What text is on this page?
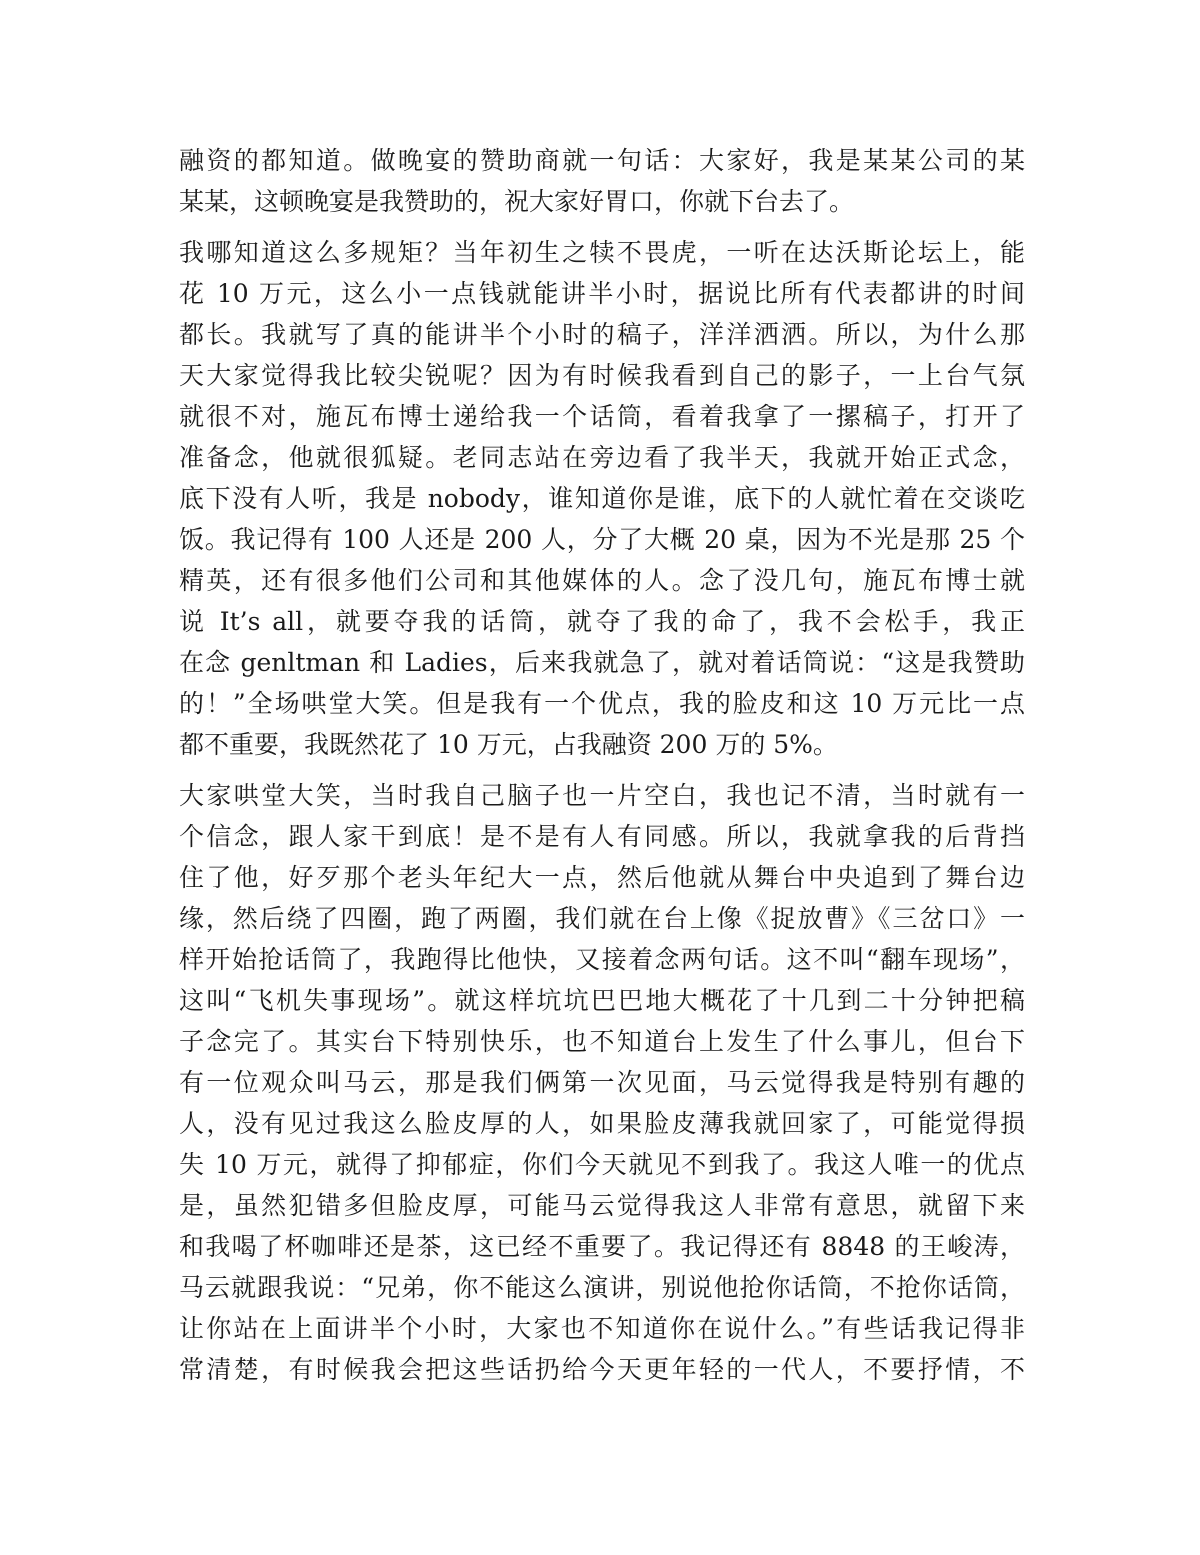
融资的都知道。做晚宴的赞助商就一句话：大家好，我是某某公司的某
某某，这顿晚宴是我赞助的，祝大家好胃口，你就下台去了。
我哪知道这么多规矩？当年初生之犊不畏虎，一听在达沃斯论坛上，能
花 10 万元，这么小一点钱就能讲半小时，据说比所有代表都讲的时间
都长。我就写了真的能讲半个小时的稿子，洋洋洒洒。所以，为什么那
天大家觉得我比较尖锐呢？因为有时候我看到自己的影子，一上台气氛
就很不对，施瓦布博士递给我一个话筒，看着我拿了一摞稿子，打开了
准备念，他就很狐疑。老同志站在旁边看了我半天，我就开始正式念，
底下没有人听，我是 nobody，谁知道你是谁，底下的人就忙着在交谈吃
饭。我记得有 100 人还是 200 人，分了大概 20 桌，因为不光是那 25 个
精英，还有很多他们公司和其他媒体的人。念了没几句，施瓦布博士就
说 It’s all，就要夺我的话筒，就夺了我的命了，我不会松手，我正
在念 genltman 和 Ladies，后来我就急了，就对着话筒说：“这是我赞助
的！”全场哄堂大笑。但是我有一个优点，我的脸皮和这 10 万元比一点
都不重要，我既然花了 10 万元，占我融资 200 万的 5%。
大家哄堂大笑，当时我自己脑子也一片空白，我也记不清，当时就有一
个信念，跟人家干到底！是不是有人有同感。所以，我就拿我的后背挡
住了他，好歹那个老头年纪大一点，然后他就从舞台中央追到了舞台边
缘，然后绕了四圈，跑了两圈，我们就在台上像《捉放曹》《三岔口》一
样开始抢话筒了，我跑得比他快，又接着念两句话。这不叫“翻车现场”，
这叫“飞机失事现场”。就这样坑坑巴巴地大概花了十几到二十分钟把稿
子念完了。其实台下特别快乐，也不知道台上发生了什么事儿，但台下
有一位观众叫马云，那是我们俩第一次见面，马云觉得我是特别有趣的
人，没有见过我这么脸皮厚的人，如果脸皮薄我就回家了，可能觉得损
失 10 万元，就得了抑郁症，你们今天就见不到我了。我这人唯一的优点
是，虽然犯错多但脸皮厚，可能马云觉得我这人非常有意思，就留下来
和我喝了杯咖啡还是茶，这已经不重要了。我记得还有 8848 的王峻涛，
马云就跟我说：“兄弟，你不能这么演讲，别说他抢你话筒，不抢你话筒，
让你站在上面讲半个小时，大家也不知道你在说什么。”有些话我记得非
常清楚，有时候我会把这些话扔给今天更年轻的一代人，不要抒情，不
